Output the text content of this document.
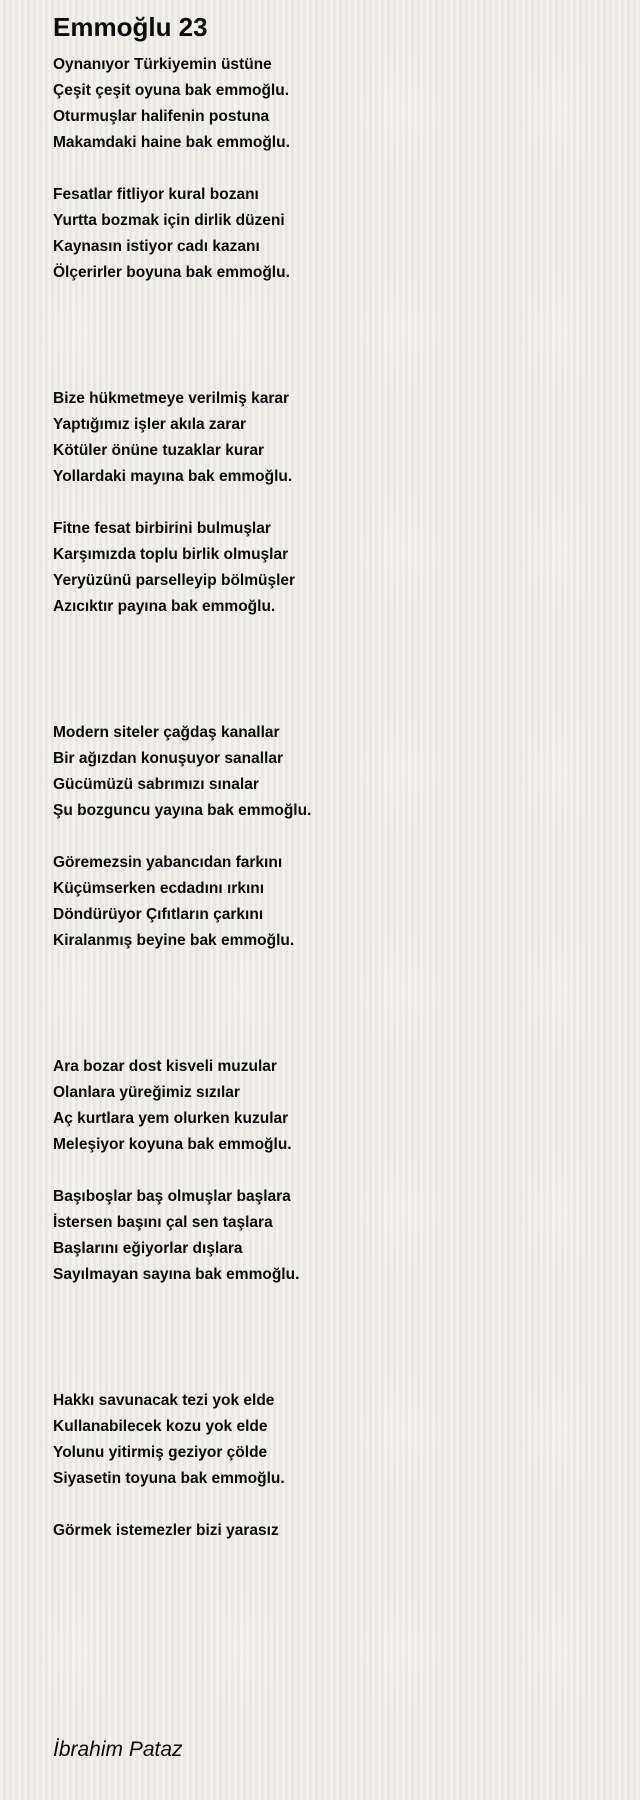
Emmoğlu 23
Oynanıyor Türkiyemin üstüne
Çeşit çeşit oyuna bak emmoğlu.
Oturmuşlar halifenin postuna
Makamdaki haine bak emmoğlu.
Fesatlar fitliyor kural bozanı
Yurtta bozmak için dirlik düzeni
Kaynasın istiyor cadı kazanı
Ölçerirler boyuna bak emmoğlu.
Bize hükmetmeye verilmiş karar
Yaptığımız işler akıla zarar
Kötüler önüne tuzaklar kurar
Yollardaki mayına bak emmoğlu.
Fitne fesat birbirini bulmuşlar
Karşımızda toplu birlik olmuşlar
Yeryüzünü parselleyip bölmüşler
Azıcıktır payına bak emmoğlu.
Modern siteler çağdaş kanallar
Bir ağızdan konuşuyor sanallar
Gücümüzü sabrımızı sınalar
Şu bozguncu yayına bak emmoğlu.
Göremezsin yabancıdan farkını
Küçümserken ecdadını ırkını
Döndürüyor Çıfıtların çarkını
Kiralanmış beyine bak emmoğlu.
Ara bozar dost kisveli muzular
Olanlara yüreğimiz sızılar
Aç kurtlara yem olurken kuzular
Meleşiyor koyuna bak emmoğlu.
Başıboşlar baş olmuşlar başlara
İstersen başını çal sen taşlara
Başlarını eğiyorlar dışlara
Sayılmayan sayına bak emmoğlu.
Hakkı savunacak tezi yok elde
Kullanabilecek kozu yok elde
Yolunu yitirmiş geziyor çölde
Siyasetin toyuna bak emmoğlu.
Görmek istemezler bizi yarasız
İbrahim Pataz
